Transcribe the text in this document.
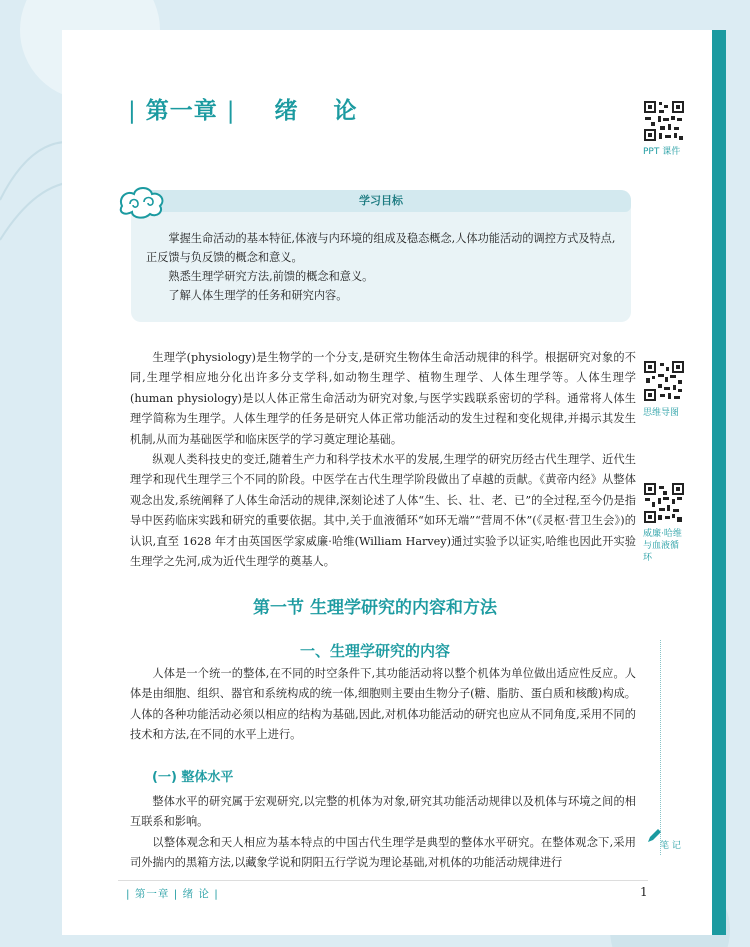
| 第一章 | 绪 论
PPT 课件
思维导图
威廉·哈维与血液循环
学习目标

掌握生命活动的基本特征,体液与内环境的组成及稳态概念,人体功能活动的调控方式及特点,正反馈与负反馈的概念和意义。

熟悉生理学研究方法,前馈的概念和意义。

了解人体生理学的任务和研究内容。

生理学(physiology)是生物学的一个分支,是研究生物体生命活动规律的科学。根据研究对象的不同,生理学相应地分化出许多分支学科,如动物生理学、植物生理学、人体生理学等。人体生理学(human physiology)是以人体正常生命活动为研究对象,与医学实践联系密切的学科。通常将人体生理学简称为生理学。人体生理学的任务是研究人体正常功能活动的发生过程和变化规律,并揭示其发生机制,从而为基础医学和临床医学的学习奠定理论基础。

纵观人类科技史的变迁,随着生产力和科学技术水平的发展,生理学的研究历经古代生理学、近代生理学和现代生理学三个不同的阶段。中医学在古代生理学阶段做出了卓越的贡献。《黄帝内经》从整体观念出发,系统阐释了人体生命活动的规律,深刻论述了人体“生、长、壮、老、已”的全过程,至今仍是指导中医药临床实践和研究的重要依据。其中,关于血液循环“如环无端”“营周不休”(《灵枢·营卫生会》)的认识,直至 1628 年才由英国医学家威廉·哈维(William Harvey)通过实验予以证实,哈维也因此开实验生理学之先河,成为近代生理学的奠基人。

第一节 生理学研究的内容和方法
一、生理学研究的内容

人体是一个统一的整体,在不同的时空条件下,其功能活动将以整个机体为单位做出适应性反应。人体是由细胞、组织、器官和系统构成的统一体,细胞则主要由生物分子(糖、脂肪、蛋白质和核酸)构成。人体的各种功能活动必须以相应的结构为基础,因此,对机体功能活动的研究也应从不同角度,采用不同的技术和方法,在不同的水平上进行。

(一) 整体水平

整体水平的研究属于宏观研究,以完整的机体为对象,研究其功能活动规律以及机体与环境之间的相互联系和影响。

以整体观念和天人相应为基本特点的中国古代生理学是典型的整体水平研究。在整体观念下,采用司外揣内的黑箱方法,以藏象学说和阴阳五行学说为理论基础,对机体的功能活动规律进行

笔 记
| 第一章 | 绪 论 |	1
